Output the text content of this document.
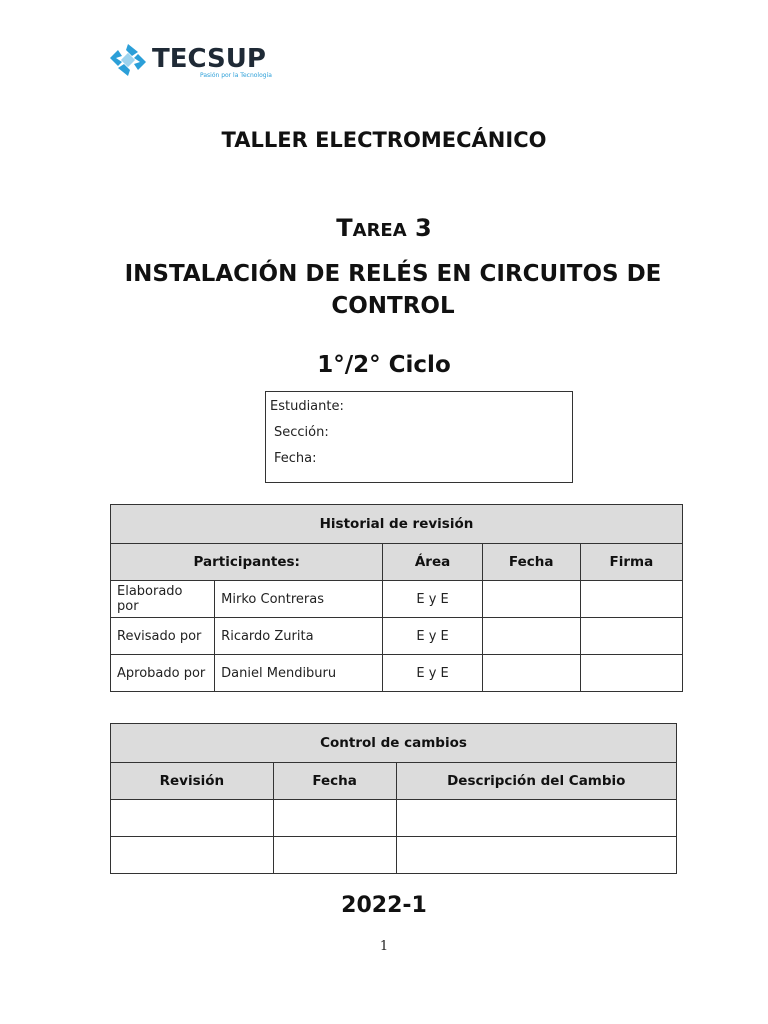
TECSUP
Pasión por la Tecnología
TALLER ELECTROMECÁNICO
TAREA 3
INSTALACIÓN DE RELÉS EN CIRCUITOS DE CONTROL
1°/2° Ciclo
Estudiante:
Sección:
Fecha:
Historial de revisión				
Participantes:		Área	Fecha	Firma
Elaborado por	Mirko Contreras	E y E		
Revisado por	Ricardo Zurita	E y E		
Aprobado por	Daniel Mendiburu	E y E		
Control de cambios		
Revisión	Fecha	Descripción del Cambio

2022-1
1
